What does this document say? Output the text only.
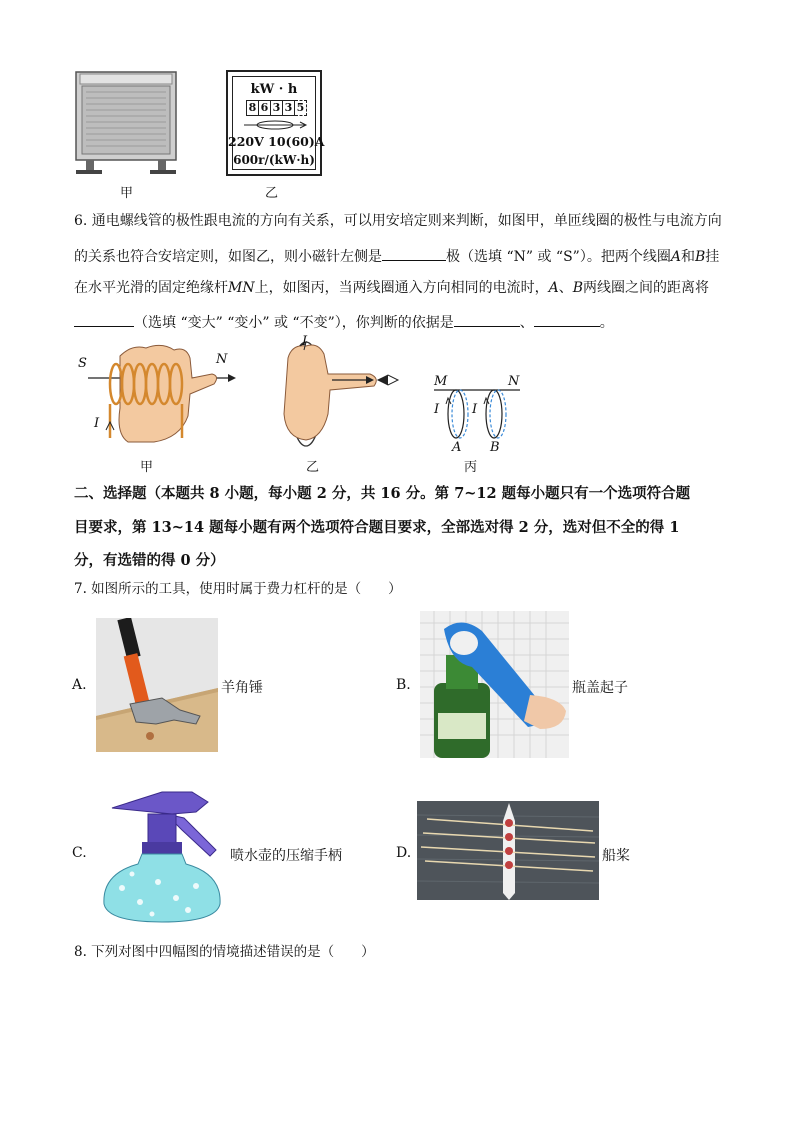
甲
kW · h
8 6 3 3 5
220V 10(60)A
600r/(kW·h)
乙
6. 通电螺线管的极性跟电流的方向有关系，可以用安培定则来判断，如图甲，单匝线圈的极性与电流方向
的关系也符合安培定则，如图乙，则小磁针左侧是	极（选填 “N” 或 “S”）。把两个线圈A和B挂
在水平光滑的固定绝缘杆MN上，如图丙，当两线圈通入方向相同的电流时，A、B两线圈之间的距离将
（选填 “变大” “变小” 或 “不变”），你判断的依据是	、	。
S	N
I
甲
I
乙
M	N
I	I
A B
丙
二、选择题（本题共 8 小题，每小题 2 分，共 16 分。第 7~12 题每小题只有一个选项符合题
目要求，第 13~14 题每小题有两个选项符合题目要求，全部选对得 2 分，选对但不全的得 1
分，有选错的得 0 分）
7. 如图所示的工具，使用时属于费力杠杆的是（　　）
A.	羊角锤	B.	瓶盖起子
C.	喷水壶的压缩手柄	D.	船桨
8. 下列对图中四幅图的情境描述错误的是（　　）
